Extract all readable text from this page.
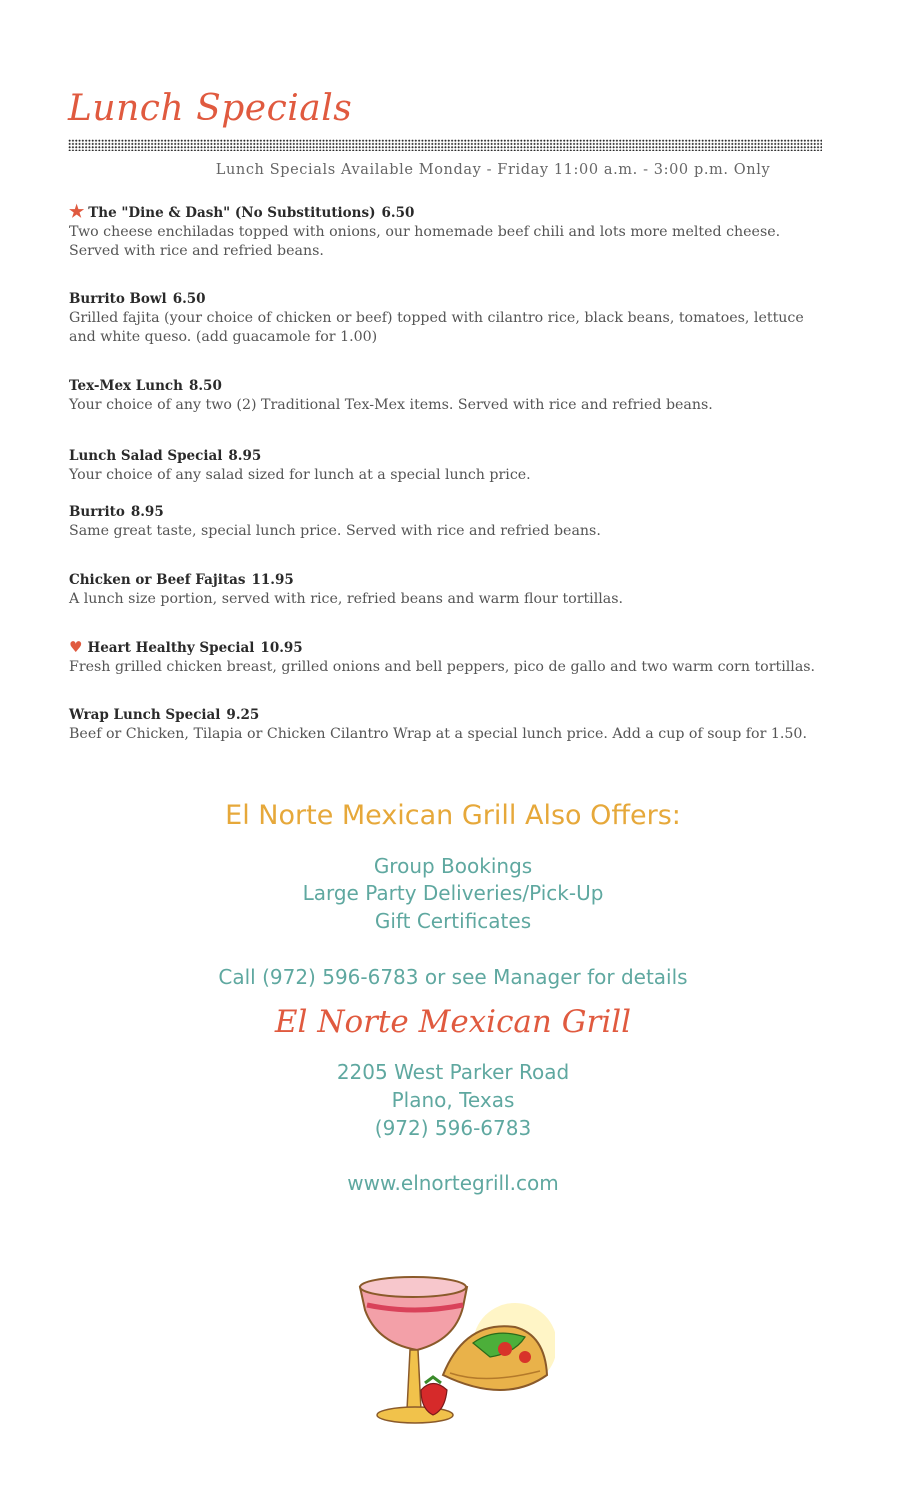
Lunch Specials
Lunch Specials Available Monday - Friday 11:00 a.m. - 3:00 p.m. Only
★ The "Dine & Dash" (No Substitutions) 6.50
Two cheese enchiladas topped with onions, our homemade beef chili and lots more melted cheese. Served with rice and refried beans.
Burrito Bowl 6.50
Grilled fajita (your choice of chicken or beef) topped with cilantro rice, black beans, tomatoes, lettuce and white queso. (add guacamole for 1.00)
Tex-Mex Lunch 8.50
Your choice of any two (2) Traditional Tex-Mex items. Served with rice and refried beans.
Lunch Salad Special 8.95
Your choice of any salad sized for lunch at a special lunch price.
Burrito 8.95
Same great taste, special lunch price. Served with rice and refried beans.
Chicken or Beef Fajitas 11.95
A lunch size portion, served with rice, refried beans and warm flour tortillas.
♥ Heart Healthy Special 10.95
Fresh grilled chicken breast, grilled onions and bell peppers, pico de gallo and two warm corn tortillas.
Wrap Lunch Special 9.25
Beef or Chicken, Tilapia or Chicken Cilantro Wrap at a special lunch price. Add a cup of soup for 1.50.
El Norte Mexican Grill Also Offers:
Group Bookings
Large Party Deliveries/Pick-Up
Gift Certificates
Call (972) 596-6783 or see Manager for details
El Norte Mexican Grill
2205 West Parker Road
Plano, Texas
(972) 596-6783
www.elnortegrill.com
